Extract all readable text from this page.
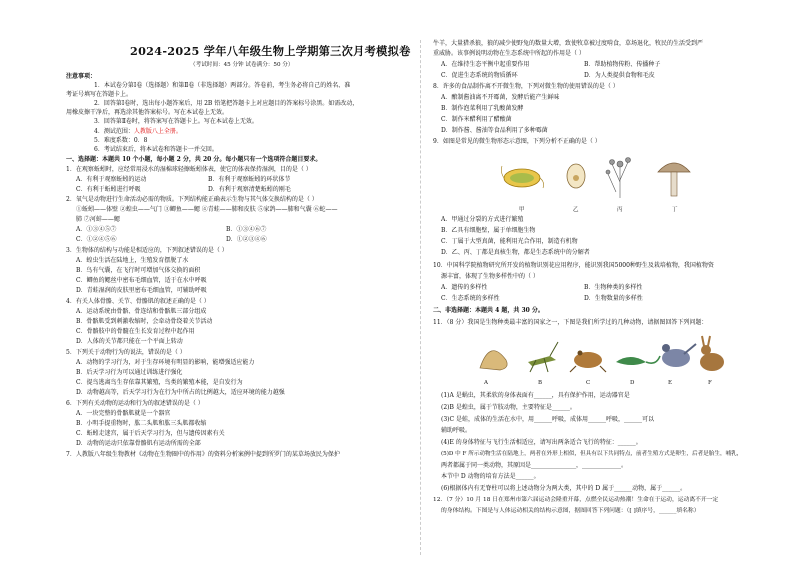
2024-2025 学年八年级生物上学期第三次月考模拟卷
（考试时间：45 分钟 试卷满分：50 分）
注意事项：
1．本试卷分第Ⅰ卷（选择题）和第Ⅱ卷（非选择题）两部分。答卷前，考生务必将自己的姓名、准
考证号填写在答题卡上。
2．回答第Ⅰ卷时，选出每小题答案后，用 2B 铅笔把答题卡上对应题目的答案标号涂黑。如需改动，
用橡皮擦干净后，再选涂其他答案标号。写在本试卷上无效。
3．回答第Ⅱ卷时，将答案写在答题卡上。写在本试卷上无效。
4．测试范围：人教版八上全册。
5．难度系数：0．8
6．考试结束后，将本试卷和答题卡一并交回。
一、选择题：本题共 10 个小题，每小题 2 分，共 20 分。每小题只有一个选项符合题目要求。
1．在观察蚯蚓时，应经常用浸水的湿棉球轻擦蚯蚓体表，使它的体表保持湿润，目的是（ ）
A．有利于观察蚯蚓的运动	B．有利于观察蚯蚓的环状体节
C．有利于蚯蚓进行呼吸	D．有利于观察清楚蚯蚓的刚毛
2．氧气是动物进行生命活动必需的物质。下列结构能正确表示生物与其气体交换结构的是（ ）
①蚯蚓——体壁 ②蝗虫——气门 ③鲫鱼——鳃 ④青蛙——肺和皮肤 ⑤家鸽——肺和气囊 ⑥蛇——
肺 ⑦河蚌——鳃
A．①③④⑤⑦	B．①③④⑥⑦
C．①②④⑤⑥	D．①②③④⑥
3．生物体的结构与功能是相适应的，下列叙述错误的是（ ）
A．蝗虫生活在陆地上，生殖发育摆脱了水
B．鸟有气囊，在飞行时可增加气体交换的面积
C．鲫鱼的鳃丝中密布毛细血管，适于在水中呼吸
D．青蛙湿润的皮肤里密布毛细血管，可辅助呼吸
4．有关人体骨骼、关节、骨骼肌的叙述正确的是（ ）
A．运动系统由骨骼、骨连结和骨骼肌三部分组成
B．骨骼肌受到刺激收缩时，会牵动骨绕着关节活动
C．骨骼肢中的骨髓在生长发育过程中起作用
D．人体的关节都只能在一个平面上转动
5．下列关于动物行为的说法，错误的是（ ）
A．动物的学习行为，对于生存环境有明显的影响，能增强适应能力
B．后天学习行为可以通过训练进行强化
C．提鸟逃离鸟生存依靠其繁殖，鸟类的繁殖本能，是自发行为
D．动物越高等，后天学习行为在行为中所占的比例越大，适应环境的能力越强
6．下列有关动物的运动和行为的叙述错误的是（ ）
A．一块完整的骨骼肌就是一个器官
B．小明手提重物时，肱二头肌和肱三头肌都收缩
C．蚯蚓走迷宫，属于后天学习行为，但与遗传因素有关
D．动物的运动只依靠骨骼肌有运动所需的全部
7．人教版八年级生物教材《动物在生物圈中的作用》的资料分析案例中提到所罗门的某草场放民为保护
牛羊，大量猎杀狼，狼的减少使野兔的数量大增，致使牧草被过度啃食，草场退化，牧民的生活受到严
重威胁。该事例说明动物在生态系统中所起的作用是（ ）
A．在维持生态平衡中起重要作用	B．帮助植物传粉、传播种子
C．促进生态系统的物质循环	D．为人类提供食物和毛皮
8．许多的食品制作离不开微生物，下列对微生物的使用错误的是（ ）
A．酿制酱油离不开霉菌，发酵后能产生鲜味
B．制作泡菜利用了乳酸菌发酵
C．制作米醋利用了醋酸菌
D．制作酱、酱油等食品利用了多种霉菌
9．如图是常见的微生物形态示意图，下列分析不正确的是（ ）
甲	乙	丙	丁
A．甲通过分裂的方式进行繁殖
B．乙具有细胞壁，属于单细胞生物
C．丁属于大型真菌，能利用光合作用，制造有机物
D．乙、丙、丁都是真核生物，都是生态系统中的分解者
10．中国科学院植物研究所开发的植物识别花应用程序，能识别我国5000种野生及栽培植物，我国植物资
源丰富，体现了生物多样性中的（ ）
A．遗传的多样性	B．生物种类的多样性
C．生态系统的多样性	D．生物数量的多样性
二、非选择题：本题共 4 题，共 30 分。
11．（8 分）我国是生物种类最丰富的国家之一，下图是我们所学过的几种动物，请据图回答下列问题：
A	B	C	D	E	F
(1)A 是蜗虫，其柔软的身体表面有______，具有保护作用，运动器官是
(2)B 是蝗虫，属于节肢动物，主要特征是______。
(3)C 是蛙，成体的生活在水中，用______呼吸，成体用______呼吸，______可以
辅助呼吸。
(4)E 的身体特征与飞行生活相适应，请写出两条适合飞行的特征：______。
(5)D 中 F 所示动物生活在陆地上，两者在外形上相似，但具有以下共同特点，前者生殖方式是卵生，后者是胎生，哺乳，
两者都属于同一类动物，其原因是_______________，_____________。
本节中 D 动物的培育方法是______。
(6)根据体内有无脊柱可以将上述动物分为两大类，其中的 D 属于______动物，属于______。
12．（7 分）10 月 18 日在郑州市第六届运动会隆重开幕，点燃全民运动热潮！生命在于运动，运动离不开一定
的身体结构。下图是与人体运动相关的结构示意图，据图回答下列问题：（[ ]填序号，______填名称）
